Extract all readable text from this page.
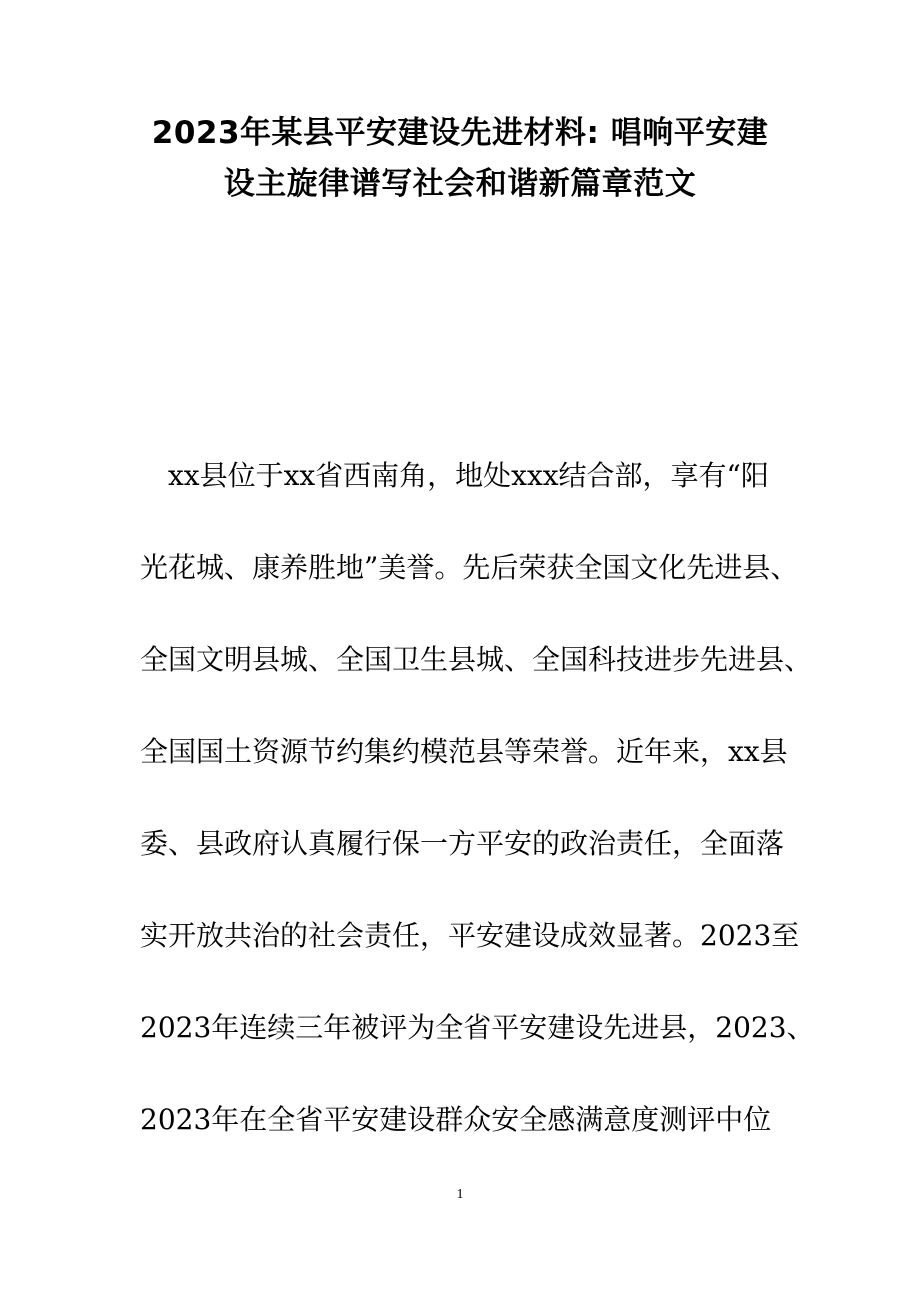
2023年某县平安建设先进材料: 唱响平安建
设主旋律谱写社会和谐新篇章范文
xx县位于xx省西南角，地处xxx结合部，享有“阳
光花城、康养胜地”美誉。先后荣获全国文化先进县、
全国文明县城、全国卫生县城、全国科技进步先进县、
全国国土资源节约集约模范县等荣誉。近年来，xx县
委、县政府认真履行保一方平安的政治责任，全面落
实开放共治的社会责任，平安建设成效显著。2023至
2023年连续三年被评为全省平安建设先进县，2023、
2023年在全省平安建设群众安全感满意度测评中位
1
